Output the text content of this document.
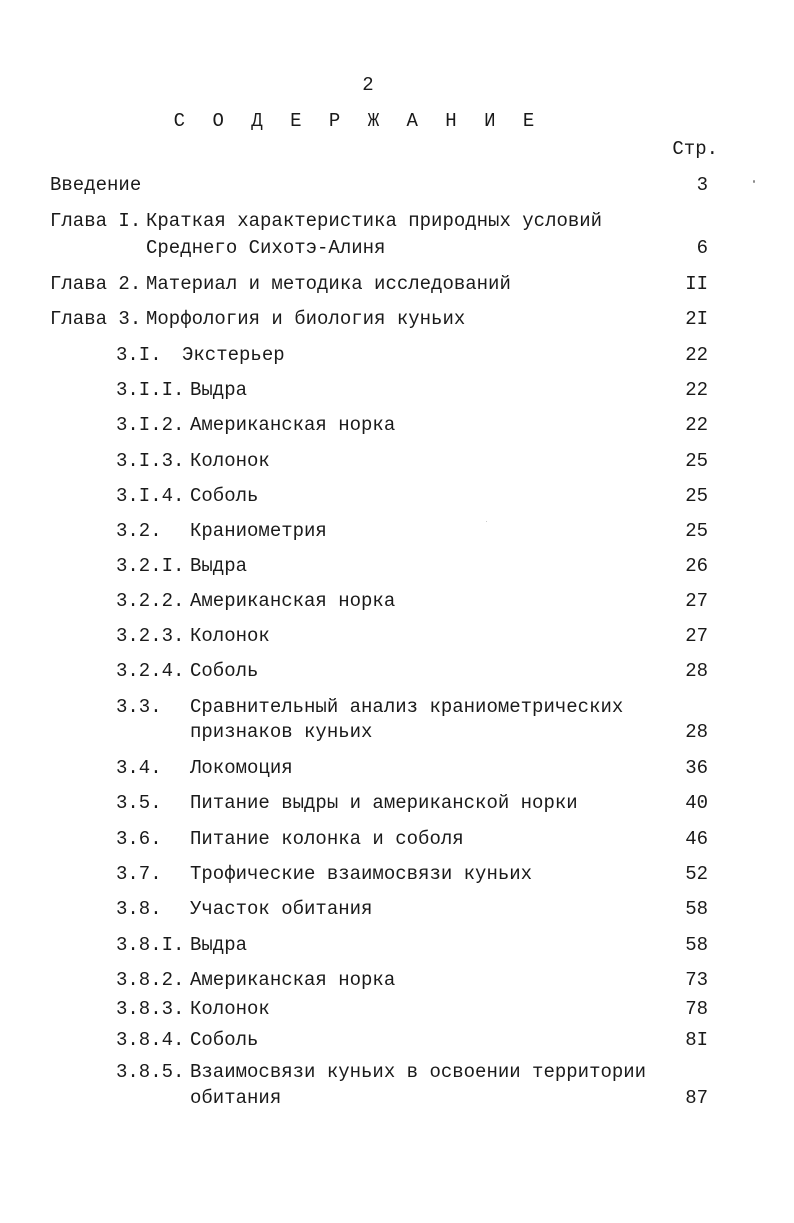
2
С О Д Е Р Ж А Н И Е
Стр.
Введение	3
Глава I. Краткая характеристика природных условий
Среднего Сихотэ-Алиня	6
Глава 2. Материал и методика исследований	II
Глава 3. Морфология и биология куньих	2I
3.I. Экстерьер	22
3.I.I. Выдра	22
3.I.2. Американская норка	22
3.I.3. Колонок	25
3.I.4. Соболь	25
3.2. Краниометрия	25
3.2.I. Выдра	26
3.2.2. Американская норка	27
3.2.3. Колонок	27
3.2.4. Соболь	28
3.3. Сравнительный анализ краниометрических
признаков куньих	28
3.4. Локомоция	36
3.5. Питание выдры и американской норки	40
3.6. Питание колонка и соболя	46
3.7. Трофические взаимосвязи куньих	52
3.8. Участок обитания	58
3.8.I. Выдра	58
3.8.2. Американская норка	73
3.8.3. Колонок	78
3.8.4. Соболь	8I
3.8.5. Взаимосвязи куньих в освоении территории
обитания	87
